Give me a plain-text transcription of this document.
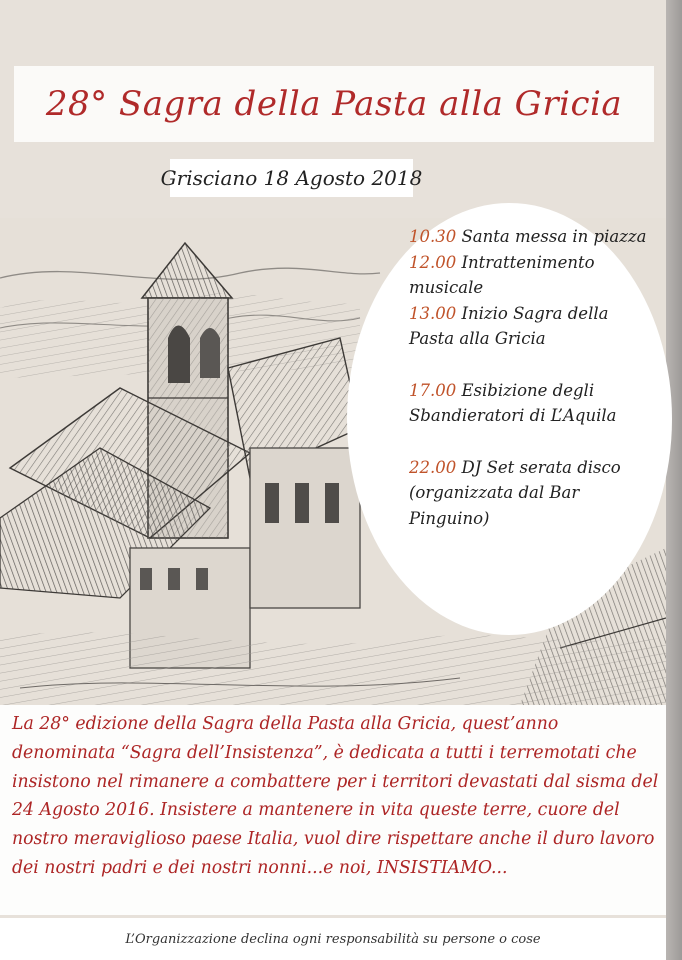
28° Sagra della Pasta alla Gricia
Grisciano 18 Agosto 2018

10.30 Santa messa in piazza

12.00 Intrattenimento musicale

13.00 Inizio Sagra della Pasta alla Gricia

17.00 Esibizione degli Sbandieratori di L’Aquila

22.00 DJ Set serata disco (organizzata dal Bar Pinguino)

La 28° edizione della Sagra della Pasta alla Gricia, quest’anno denominata “Sagra dell’Insistenza”, è dedicata a tutti i terremotati che insistono nel rimanere a combattere per i territori devastati dal sisma del 24 Agosto 2016. Insistere a mantenere in vita queste terre, cuore del nostro meraviglioso paese Italia, vuol dire rispettare anche il duro lavoro dei nostri padri e dei nostri nonni...e noi, INSISTIAMO...
L’Organizzazione declina ogni responsabilità su persone o cose
